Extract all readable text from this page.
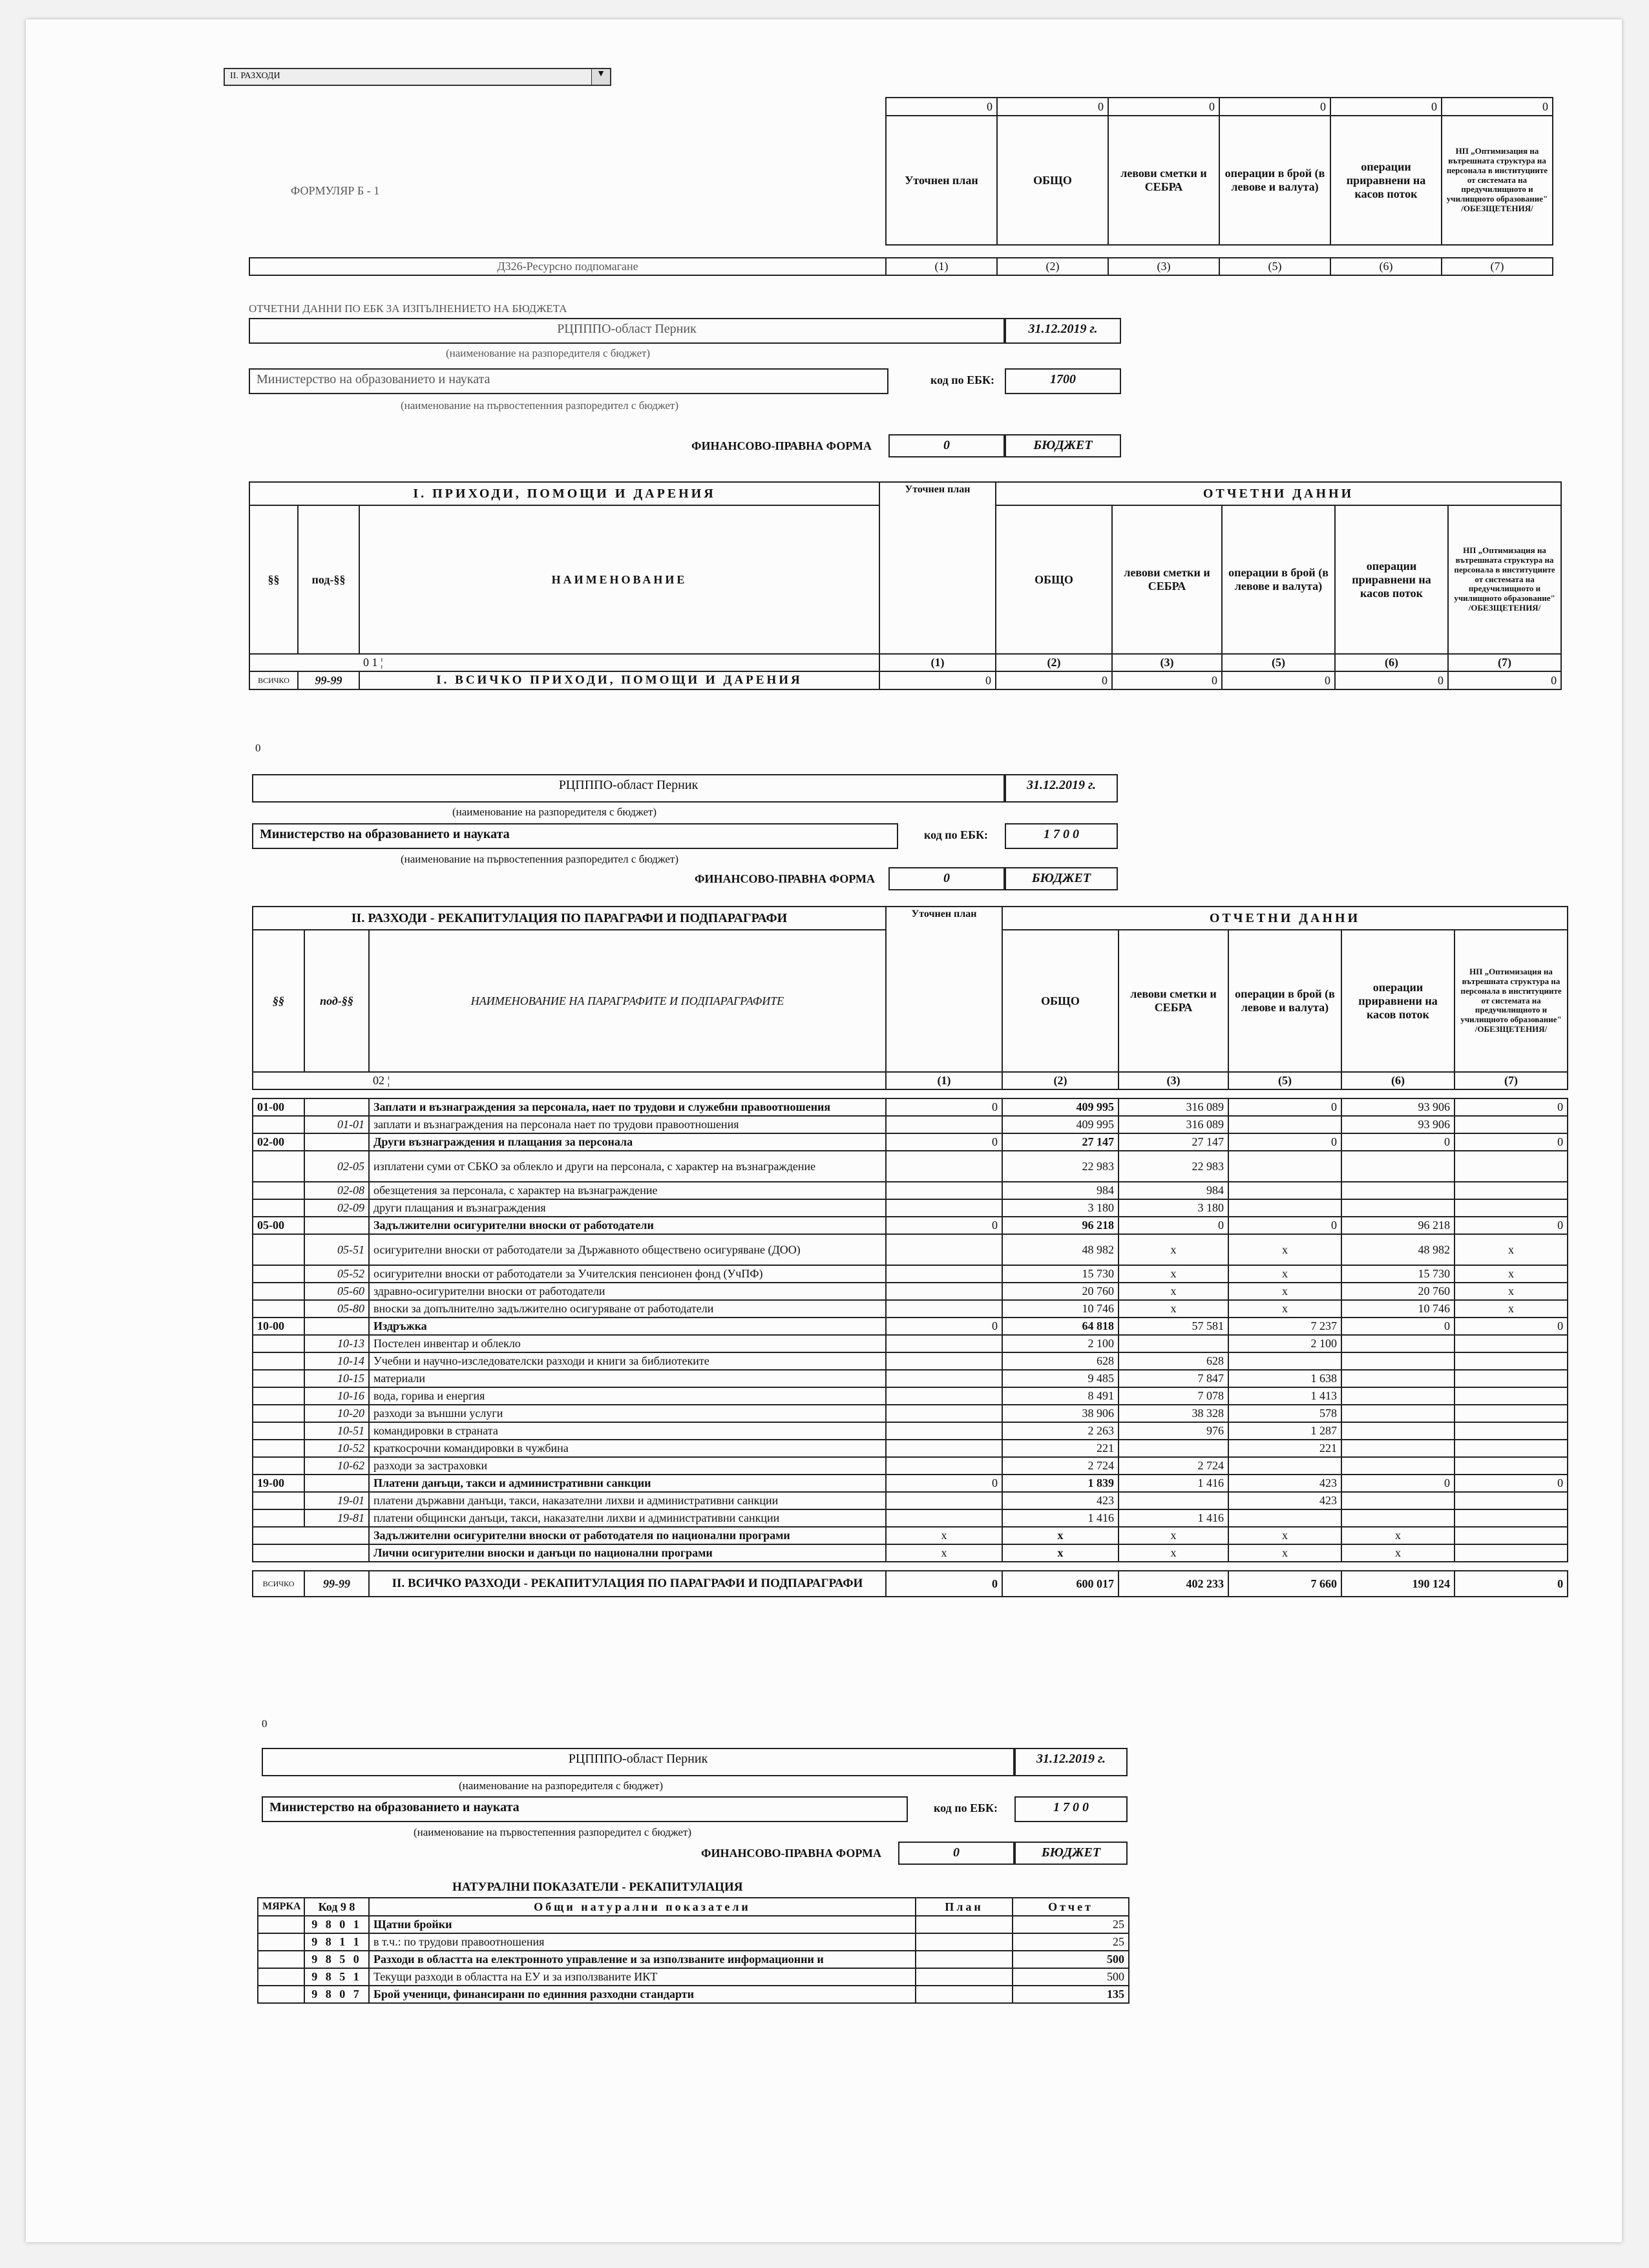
II. РАЗХОДИ	▼
ФОРМУЛЯР Б - 1
0	0	0	0	0	0
Уточнен план	ОБЩО	левови сметки и СЕБРА	операции в брой (в левове и валута)	операции приравнени на касов поток	НП „Оптимизация на вътрешната структура на персонала в институциите от системата на предучилищното и училищното образование" /ОБЕЗЩЕТЕНИЯ/
Д326-Ресурсно подпомагане	(1)	(2)	(3)	(5)	(6)	(7)
ОТЧЕТНИ ДАННИ ПО ЕБК ЗА ИЗПЪЛНЕНИЕТО НА БЮДЖЕТА
РЦПППО-област Перник	31.12.2019 г.
(наименование на разпоредителя с бюджет)
Министерство на образованието и науката	код по ЕБК:	1700
(наименование на първостепенния разпоредител с бюджет)
ФИНАНСОВО-ПРАВНА ФОРМА	0	БЮДЖЕТ
I. ПРИХОДИ, ПОМОЩИ И ДАРЕНИЯ			Уточнен план	ОТЧЕТНИ ДАННИ				
§§	под-§§	НАИМЕНОВАНИЕ		ОБЩО	левови сметки и СЕБРА	операции в брой (в левове и валута)	операции приравнени на касов поток	НП „Оптимизация на вътрешната структура на персонала в институциите от системата на предучилищното и училищното образование" /ОБЕЗЩЕТЕНИЯ/
		0 1 ¦	(1)	(2)	(3)	(5)	(6)	(7)
ВСИЧКО	99-99	I. ВСИЧКО ПРИХОДИ, ПОМОЩИ И ДАРЕНИЯ	0	0	0	0	0	0
0
РЦПППО-област Перник	31.12.2019 г.
(наименование на разпоредителя с бюджет)
Министерство на образованието и науката	код по ЕБК:	1 7 0 0
(наименование на първостепенния разпоредител с бюджет)
ФИНАНСОВО-ПРАВНА ФОРМА	0	БЮДЖЕТ
II. РАЗХОДИ - РЕКАПИТУЛАЦИЯ ПО ПАРАГРАФИ И ПОДПАРАГРАФИ			Уточнен план	ОТЧЕТНИ ДАННИ				
§§	под-§§	НАИМЕНОВАНИЕ НА ПАРАГРАФИТЕ И ПОДПАРАГРАФИТЕ		ОБЩО	левови сметки и СЕБРА	операции в брой (в левове и валута)	операции приравнени на касов поток	НП „Оптимизация на вътрешната структура на персонала в институциите от системата на предучилищното и училищното образование" /ОБЕЗЩЕТЕНИЯ/
		02 ¦	(1)	(2)	(3)	(5)	(6)	(7)

01-00		Заплати и възнаграждения за персонала, нает по трудови и служебни правоотношения	0	409 995	316 089	0	93 906	0
	01-01	заплати и възнаграждения на персонала нает по трудови правоотношения		409 995	316 089		93 906	
02-00		Други възнаграждения и плащания за персонала	0	27 147	27 147	0	0	0
	02-05	изплатени суми от СБКО за облекло и други на персонала, с характер на възнаграждение		22 983	22 983			
	02-08	обезщетения за персонала, с характер на възнаграждение		984	984			
	02-09	други плащания и възнаграждения		3 180	3 180			
05-00		Задължителни осигурителни вноски от работодатели	0	96 218	0	0	96 218	0
	05-51	осигурителни вноски от работодатели за Държавното обществено осигуряване (ДОО)		48 982	x	x	48 982	x
	05-52	осигурителни вноски от работодатели за Учителския пенсионен фонд (УчПФ)		15 730	x	x	15 730	x
	05-60	здравно-осигурителни вноски от работодатели		20 760	x	x	20 760	x
	05-80	вноски за допълнително задължително осигуряване от работодатели		10 746	x	x	10 746	x
10-00		Издръжка	0	64 818	57 581	7 237	0	0
	10-13	Постелен инвентар и облекло		2 100		2 100		
	10-14	Учебни и научно-изследователски разходи и книги за библиотеките		628	628			
	10-15	материали		9 485	7 847	1 638		
	10-16	вода, горива и енергия		8 491	7 078	1 413		
	10-20	разходи за външни услуги		38 906	38 328	578		
	10-51	командировки в страната		2 263	976	1 287		
	10-52	краткосрочни командировки в чужбина		221		221		
	10-62	разходи за застраховки		2 724	2 724			
19-00		Платени данъци, такси и административни санкции	0	1 839	1 416	423	0	0
	19-01	платени държавни данъци, такси, наказателни лихви и административни санкции		423		423		
	19-81	платени общински данъци, такси, наказателни лихви и административни санкции		1 416	1 416			
		Задължителни осигурителни вноски от работодателя по национални програми	x	x	x	x	x	
		Лични осигурителни вноски и данъци по национални програми	x	x	x	x	x	

ВСИЧКО	99-99	II. ВСИЧКО РАЗХОДИ - РЕКАПИТУЛАЦИЯ ПО ПАРАГРАФИ И ПОДПАРАГРАФИ	0	600 017	402 233	7 660	190 124	0
0
РЦПППО-област Перник	31.12.2019 г.
(наименование на разпоредителя с бюджет)
Министерство на образованието и науката	код по ЕБК:	1 7 0 0
(наименование на първостепенния разпоредител с бюджет)
ФИНАНСОВО-ПРАВНА ФОРМА	0	БЮДЖЕТ
НАТУРАЛНИ ПОКАЗАТЕЛИ - РЕКАПИТУЛАЦИЯ
МЯРКА	Код 9 8	Общи натурални показатели	План	Отчет
	9 8 0 1	Щатни бройки		25
	9 8 1 1	в т.ч.: по трудови правоотношения		25
	9 8 5 0	Разходи в областта на електронното управление и за използваните информационни и		500
	9 8 5 1	Текущи разходи в областта на ЕУ и за използваните ИКТ		500
	9 8 0 7	Брой ученици, финансирани по единния разходни стандарти		135
